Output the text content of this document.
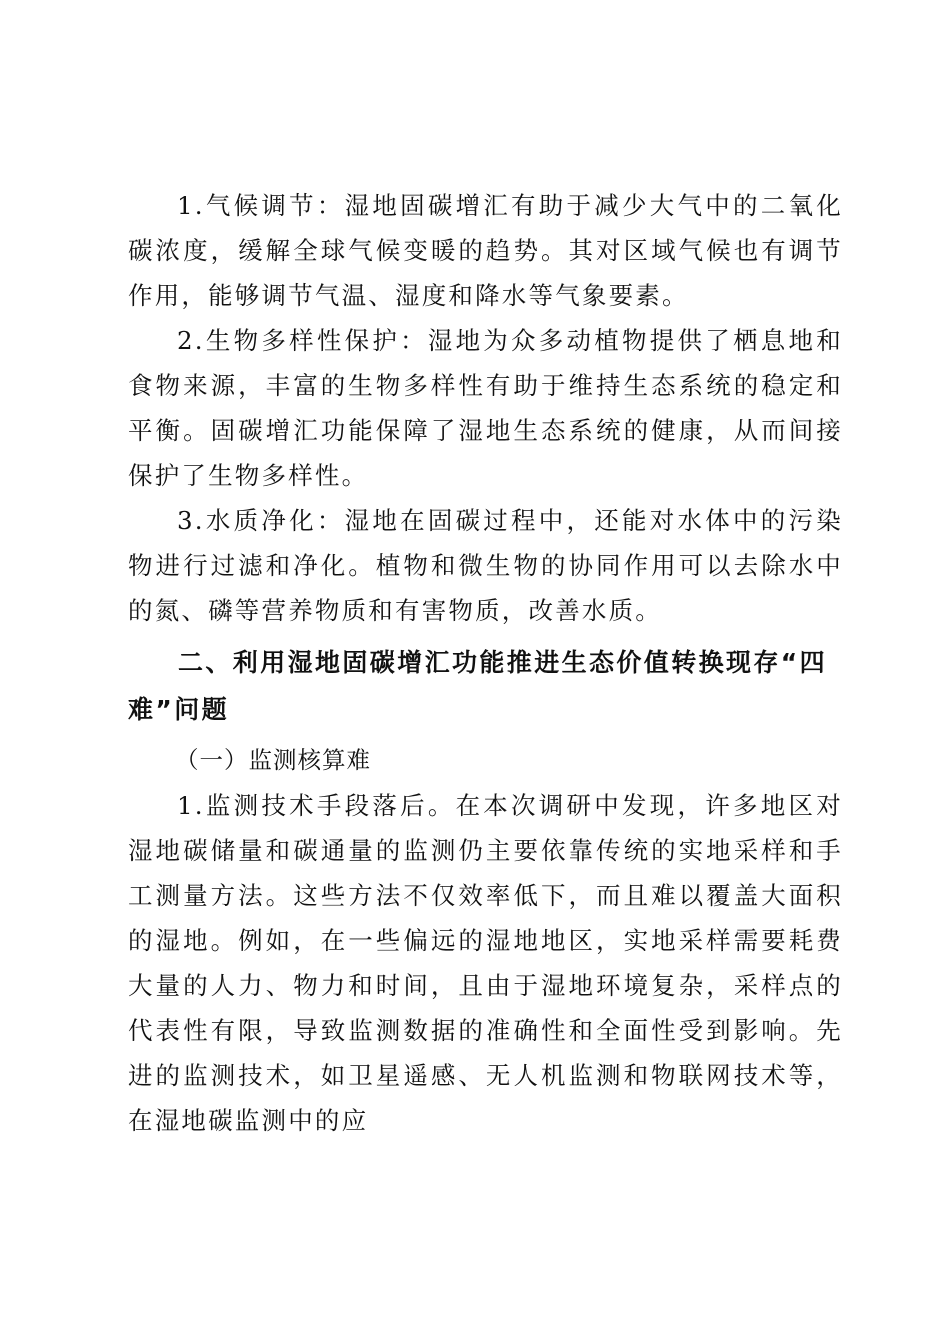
1.气候调节：湿地固碳增汇有助于减少大气中的二氧化碳浓度，缓解全球气候变暖的趋势。其对区域气候也有调节作用，能够调节气温、湿度和降水等气象要素。

2.生物多样性保护：湿地为众多动植物提供了栖息地和食物来源，丰富的生物多样性有助于维持生态系统的稳定和平衡。固碳增汇功能保障了湿地生态系统的健康，从而间接保护了生物多样性。

3.水质净化：湿地在固碳过程中，还能对水体中的污染物进行过滤和净化。植物和微生物的协同作用可以去除水中的氮、磷等营养物质和有害物质，改善水质。

二、利用湿地固碳增汇功能推进生态价值转换现存“四难”问题

（一）监测核算难

1.监测技术手段落后。在本次调研中发现，许多地区对湿地碳储量和碳通量的监测仍主要依靠传统的实地采样和手工测量方法。这些方法不仅效率低下，而且难以覆盖大面积的湿地。例如，在一些偏远的湿地地区，实地采样需要耗费大量的人力、物力和时间，且由于湿地环境复杂，采样点的代表性有限，导致监测数据的准确性和全面性受到影响。先进的监测技术，如卫星遥感、无人机监测和物联网技术等，在湿地碳监测中的应
